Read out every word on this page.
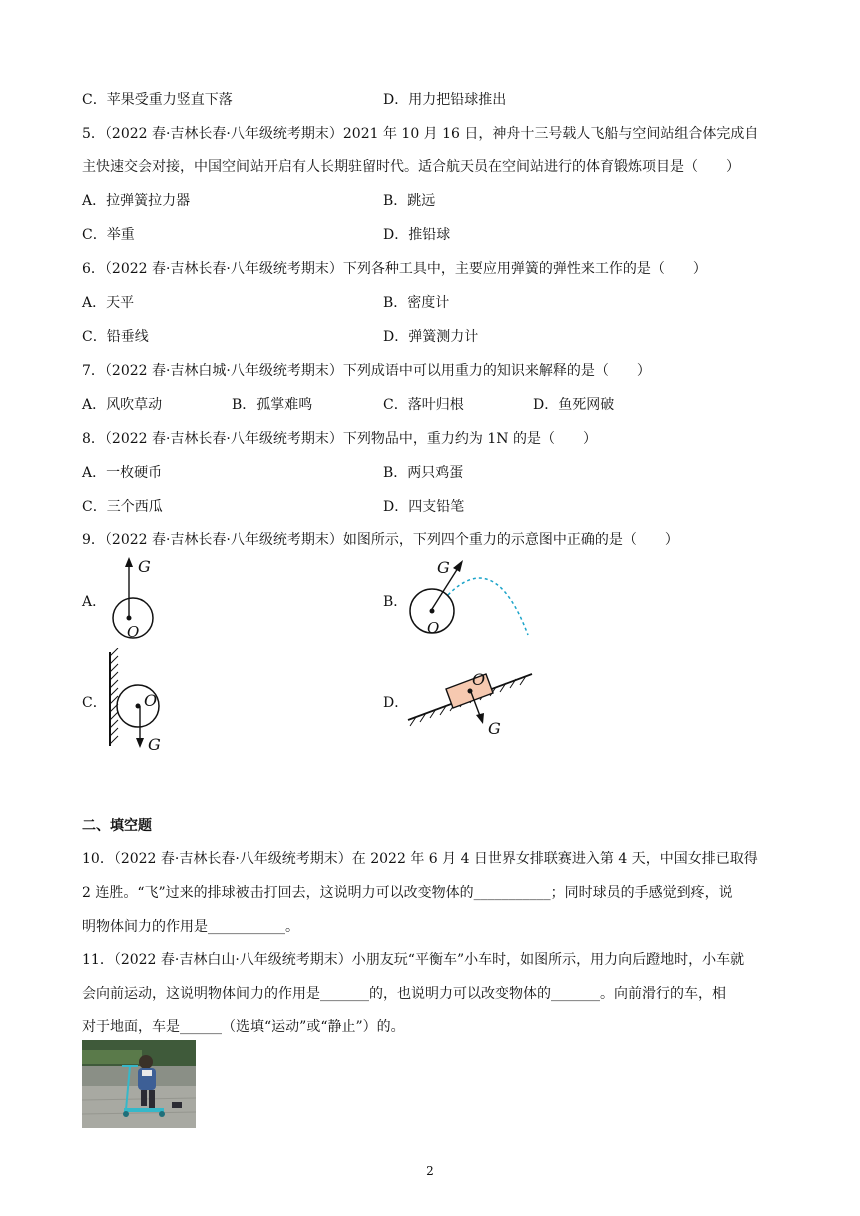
C．苹果受重力竖直下落	D．用力把铅球推出
5．（2022 春·吉林长春·八年级统考期末）2021 年 10 月 16 日，神舟十三号载人飞船与空间站组合体完成自
主快速交会对接，中国空间站开启有人长期驻留时代。适合航天员在空间站进行的体育锻炼项目是（　　）
A．拉弹簧拉力器	B．跳远
C．举重	D．推铅球
6．（2022 春·吉林长春·八年级统考期末）下列各种工具中，主要应用弹簧的弹性来工作的是（　　）
A．天平	B．密度计
C．铅垂线	D．弹簧测力计
7．（2022 春·吉林白城·八年级统考期末）下列成语中可以用重力的知识来解释的是（　　）
A．风吹草动	B．孤掌难鸣	C．落叶归根	D．鱼死网破
8．（2022 春·吉林长春·八年级统考期末）下列物品中，重力约为 1N 的是（　　）
A．一枚硬币	B．两只鸡蛋
C．三个西瓜	D．四支铅笔
9．（2022 春·吉林长春·八年级统考期末）如图所示，下列四个重力的示意图中正确的是（　　）
A．
G
O
B．
G
O
C． O
G
D．
O
G
二、填空题
10．（2022 春·吉林长春·八年级统考期末）在 2022 年 6 月 4 日世界女排联赛进入第 4 天，中国女排已取得
2 连胜。“飞”过来的排球被击打回去，这说明力可以改变物体的___________；同时球员的手感觉到疼，说
明物体间力的作用是___________。
11．（2022 春·吉林白山·八年级统考期末）小朋友玩“平衡车”小车时，如图所示，用力向后蹬地时，小车就
会向前运动，这说明物体间力的作用是_______的，也说明力可以改变物体的_______。向前滑行的车，相
对于地面，车是______（选填“运动”或“静止”）的。
2
